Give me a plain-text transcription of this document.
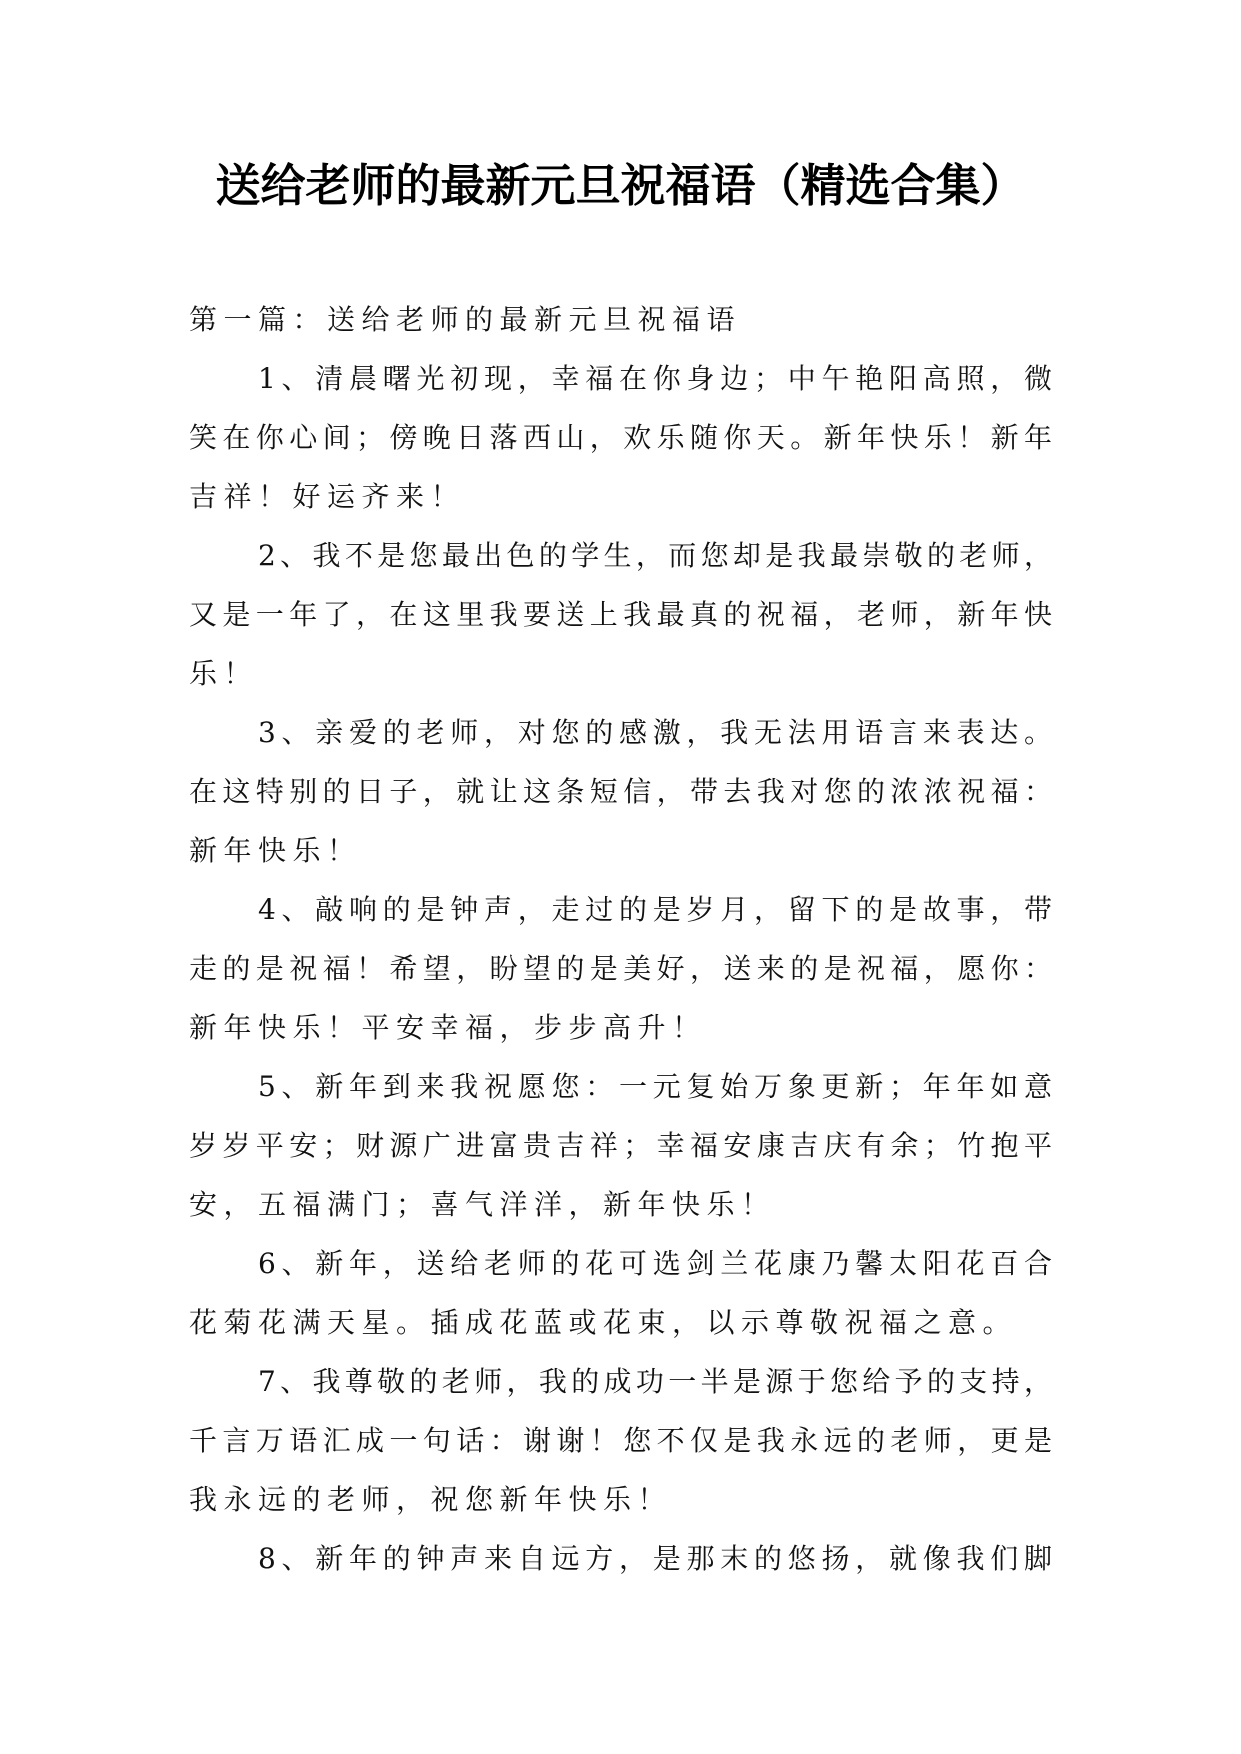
送给老师的最新元旦祝福语（精选合集）
第一篇：送给老师的最新元旦祝福语
1、清晨曙光初现，幸福在你身边；中午艳阳高照，微
笑在你心间；傍晚日落西山，欢乐随你天。新年快乐！新年
吉祥！好运齐来！
2、我不是您最出色的学生，而您却是我最崇敬的老师，
又是一年了，在这里我要送上我最真的祝福，老师，新年快
乐！
3、亲爱的老师，对您的感激，我无法用语言来表达。
在这特别的日子，就让这条短信，带去我对您的浓浓祝福：
新年快乐！
4、敲响的是钟声，走过的是岁月，留下的是故事，带
走的是祝福！希望，盼望的是美好，送来的是祝福，愿你：
新年快乐！平安幸福，步步高升！
5、新年到来我祝愿您：一元复始万象更新；年年如意
岁岁平安；财源广进富贵吉祥；幸福安康吉庆有余；竹抱平
安，五福满门；喜气洋洋，新年快乐！
6、新年，送给老师的花可选剑兰花康乃馨太阳花百合
花菊花满天星。插成花蓝或花束，以示尊敬祝福之意。
7、我尊敬的老师，我的成功一半是源于您给予的支持，
千言万语汇成一句话：谢谢！您不仅是我永远的老师，更是
我永远的老师，祝您新年快乐！
8、新年的钟声来自远方，是那末的悠扬，就像我们脚
